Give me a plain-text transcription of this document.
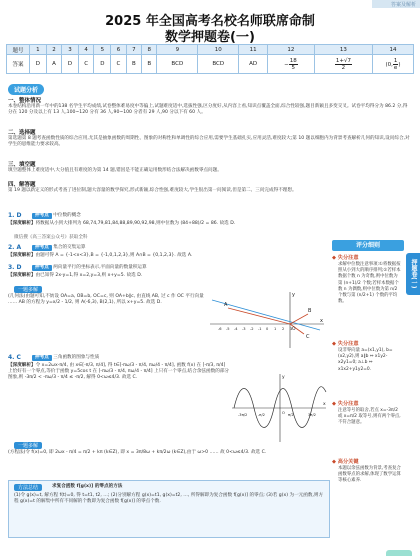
答案及解析
2025 年全国高考名校名师联席命制
数学押题卷(一)
题号	1	2	3	4	5	6	7	8	9	10	11	12	13	14
答案	D	A	D	C	D	C	B	B	BCD	BCD	AD	− $\frac{18}{5}$	$\frac{1+√7}{2}$	(0, $\frac{1}{e}$ )
试题分析
一、整体情况
本卷结构沿用新一年中的138 名学生平均成绩,试卷整体难易度中等偏上,试题难度适中,选拔性强,区分度好,从内容上看,知识点覆盖全面,综合性较强,题目新颖且多变交叉。试卷平均得分为 86.2 分,得分在 120 分及以上有 13 人,100~120 分有 36 人,90~100 分者有 29 人,90 分以下有 60 人。
二、选择题
第选题第 8 题考查函数性质的综合应用,尤其是抽象函数的周期性、图象的对称性和单调性的综合应用,需要学生基础扎实,应用灵活,难度较大;第 10 题以细胞内为背景考查解析几何的知识,设问综合,对学生的思维能力要求较高。
三、填空题
填空题整体上难度适中,大分值且有难度的为第 14 题,错因是不能正确运用数形结合法解决函数零点问题。
四、解答题
第 19 题以新定义的形式考查了进位制,题大容量的数学探究,形式新颖,综合性强,难度较大,学生很出第一问阅读,但是第二、三问完成得不理想。
1. D	押考点 中位数的概念
【深度解析】将数据从小到大排列为 68,74,79,81,84,88,89,90,92,98,则中位数为 (84+88)/2 = 86. 故选 D.
微信搜《高三答案公众号》获取全科
2. A	押考点 集合的交集运算
【深度解析】由题可得 A = {-1<x<3},B = {-1,0,1,2,3},则 A∩B = {0,1,2,3}. 故选 A.
3. D	押考点 两向量平行的坐标表示,平面向量的数量积运算
【深度解析】由已知得 2x-y=1,得 x=2,y=3,则 x+y=5. 故选 D.
一题多解
(几何法)由题可知,不妨设 OA=a, OB=b, OC=c, 则 OA+b∥c, 由直线 AB, 过 c 作 OC 平行向量 …… AB 的方程为 y=x/2 - 1/2, 则 A(-6,3), B(2,1), 所以 x+y=5. 故选 D.
-6 -5 -4 -3 -2 -1 0 1 2 3
A
B
C
O
x
y
4. C	押考点 三角函数的图象与性质
【深度解析】令 x=2ωx-π/4, 由 x∈[-π/3, π/4], 得 t∈[-πω/3 - π/4, πω/4 - π/4], 函数 f(x) 在 [-π/3, π/4] 上恰好有一个零点,等价于函数 y=5cos t 在 [-πω/3 - π/4, πω/4 - π/4] 上只有一个零点,结合余弦函数的部分图象,则 -3π/2 < -πω/3 - π/4 ≤ -π/2, 解得 0<ω≤4/3. 故选 C.
-3π/2	-π/2	O π/2	3π/2
x
y
一题多解
(方程法)令 f(x)=0, 即 2ωx - π/4 = π/2 + kπ (k∈Z), 即 x = 3π/8ω + kπ/2ω (k∈Z),由于 ω>0 …… 故 0<ω≤4/3. 故选 C.
方法总结	求复合函数 f[g(x)] 的零点的方法
(1)令 g(x)=t, 解方程 f(t)=0, 得 t=t1, t2, …; (2)分别解方程 g(x)=t1, g(x)=t2, …, 所得解即为复合函数 f[g(x)] 的零点; (3)若 g(x) 为一元函数,则方程 g(x)=t 的解集中所有不同解的个数即为复合函数 f[g(x)] 的零点个数.
评分细则
◆ 失分注意
求解中位数注意事项:①将数据按照从小到大的顺序排列;②若样本数据个数 n 为奇数,则中位数为第 (n+1)/2 个数;若样本数据个数 n 为偶数,则中位数为第 n/2 个数与第 (n/2+1) 个数的平均数。
◆ 失分注意
设非零向量 a=(x1,y1), b=(x2,y2),则 a∥b ⇔ x1y2-x2y1=0; a⊥b ⇔ x1x2+y1y2=0.
◆ 失分注意
注意等号的取舍,若点 x=-3π/2 或 x=π/2 取等号,则有两个零点,不符合题意。
◆ 高分关键
本题以余弦函数为背景,考查复合函数零点的求解,体现了数学运算等核心素养.
押题卷(一)
